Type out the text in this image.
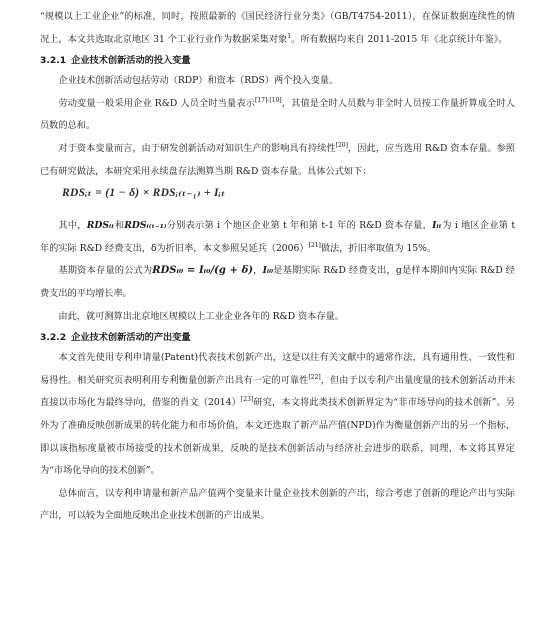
“规模以上工业企业”的标准，同时，按照最新的《国民经济行业分类》（GB/T4754-2011），在保证数据连续性的情况上，本文共选取北京地区 31 个工业行业作为数据采集对象$^1$。所有数据均来自 2011-2015 年《北京统计年鉴》。

3.2.1 企业技术创新活动的投入变量

企业技术创新活动包括劳动（RDP）和资本（RDS）两个投入变量。

劳动变量一般采用企业 R&D 人员全时当量表示[17]-[19]，其值是全时人员数与非全时人员按工作量折算成全时人员数的总和。

对于资本变量而言，由于研发创新活动对知识生产的影响具有持续性[20]，因此，应当选用 R&D 资本存量。参照已有研究做法，本研究采用永续盘存法测算当期 R&D 资本存量。具体公式如下：

RDSᵢₜ = (1 − δ) × RDSᵢ₍ₜ₋₁₎ + Iᵢₜ

其中，RDSᵢₜ和RDSᵢ₍ₜ₋₁₎分别表示第 i 个地区企业第 t 年和第 t-1 年的 R&D 资本存量，Iᵢₜ为 i 地区企业第 t 年的实际 R&D 经费支出，δ为折旧率，本文参照吴延兵（2006）[21]做法，折旧率取值为 15%。

基期资本存量的公式为RDSᵢ₀ = Iᵢ₀/(g + δ)，Iᵢ₀是基期实际 R&D 经费支出，g是样本期间内实际 R&D 经费支出的平均增长率。

由此，就可测算出北京地区规模以上工业企业各年的 R&D 资本存量。

3.2.2 企业技术创新活动的产出变量

本文首先使用专利申请量(Patent)代表技术创新产出，这是以往有关文献中的通常作法，具有通用性、一致性和易得性。相关研究页表明利用专利衡量创新产出具有一定的可靠性[22]，但由于以专利产出量度量的技术创新活动并未直接以市场化为最终导向，借鉴的肖文（2014）[23]研究，本文将此类技术创新界定为“非市场导向的技术创新”。另外为了准确反映创新成果的转化能力和市场价值，本文还选取了新产品产值(NPD)作为衡量创新产出的另一个指标，即以该指标度量被市场接受的技术创新成果，反映的是技术创新活动与经济社会进步的联系，同理，本文将其界定为“市场化导向的技术创新”。

总体而言，以专利申请量和新产品产值两个变量来计量企业技术创新的产出，综合考虑了创新的理论产出与实际产出，可以较为全面地反映出企业技术创新的产出成果。
